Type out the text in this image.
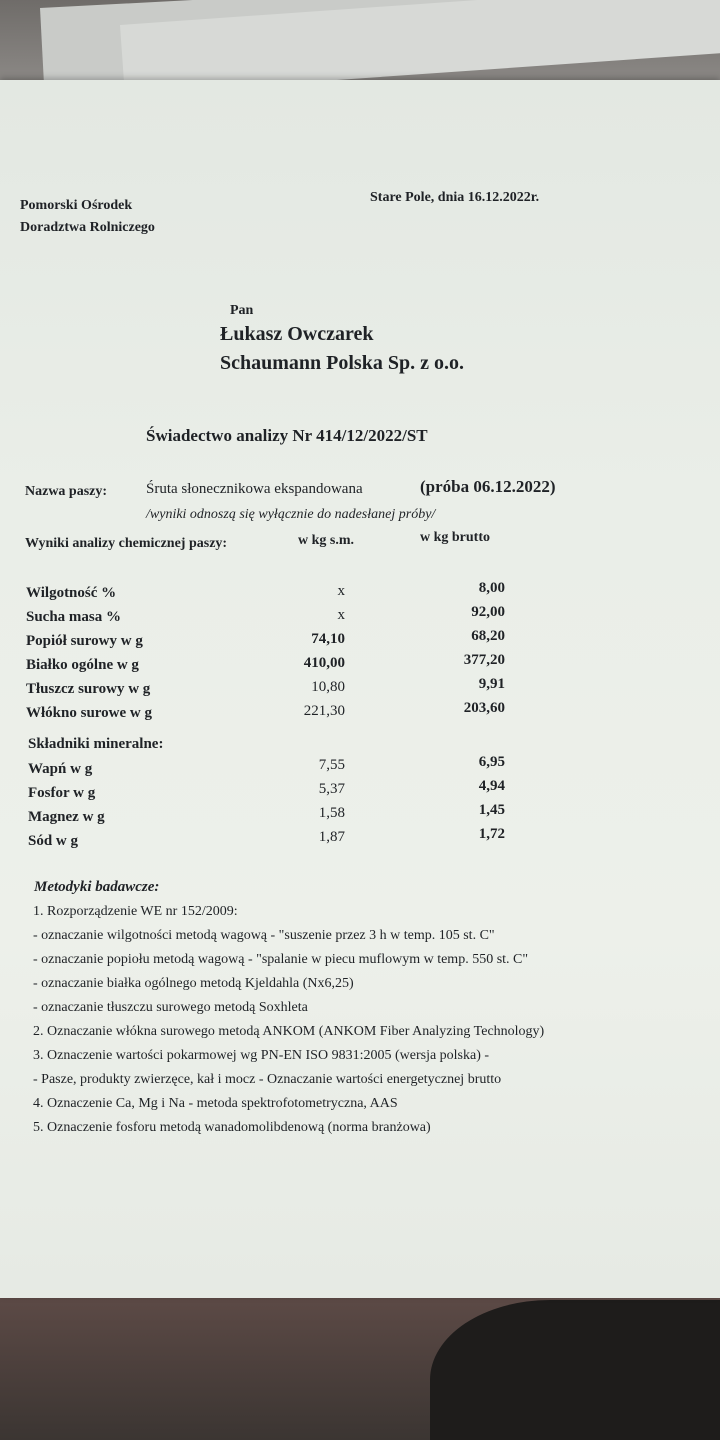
Pomorski Ośrodek
Doradztwa Rolniczego
Stare Pole, dnia 16.12.2022r.
Pan
Łukasz Owczarek
Schaumann Polska Sp. z o.o.
Świadectwo analizy Nr 414/12/2022/ST
Nazwa paszy:	Śruta słonecznikowa ekspandowana	(próba 06.12.2022)
/wyniki odnoszą się wyłącznie do nadesłanej próby/
Wyniki analizy chemicznej paszy:	w kg s.m.	w kg brutto
Wilgotność %	x	8,00
Sucha masa %	x	92,00
Popiół surowy w g	74,10	68,20
Białko ogólne w g	410,00	377,20
Tłuszcz surowy w g	10,80	9,91
Włókno surowe w g	221,30	203,60
Składniki mineralne:
Wapń w g	7,55	6,95
Fosfor w g	5,37	4,94
Magnez w g	1,58	1,45
Sód w g	1,87	1,72
Metodyki badawcze:
1. Rozporządzenie WE nr 152/2009:
- oznaczanie wilgotności metodą wagową - "suszenie przez 3 h w temp. 105 st. C"
- oznaczanie popiołu metodą wagową - "spalanie w piecu muflowym w temp. 550 st. C"
- oznaczanie białka ogólnego metodą Kjeldahla (Nx6,25)
- oznaczanie tłuszczu surowego metodą Soxhleta
2. Oznaczanie włókna surowego metodą ANKOM (ANKOM Fiber Analyzing Technology)
3. Oznaczenie wartości pokarmowej wg PN-EN ISO 9831:2005 (wersja polska) -
- Pasze, produkty zwierzęce, kał i mocz - Oznaczanie wartości energetycznej brutto
4. Oznaczenie Ca, Mg i Na - metoda spektrofotometryczna, AAS
5. Oznaczenie fosforu metodą wanadomolibdenową (norma branżowa)
